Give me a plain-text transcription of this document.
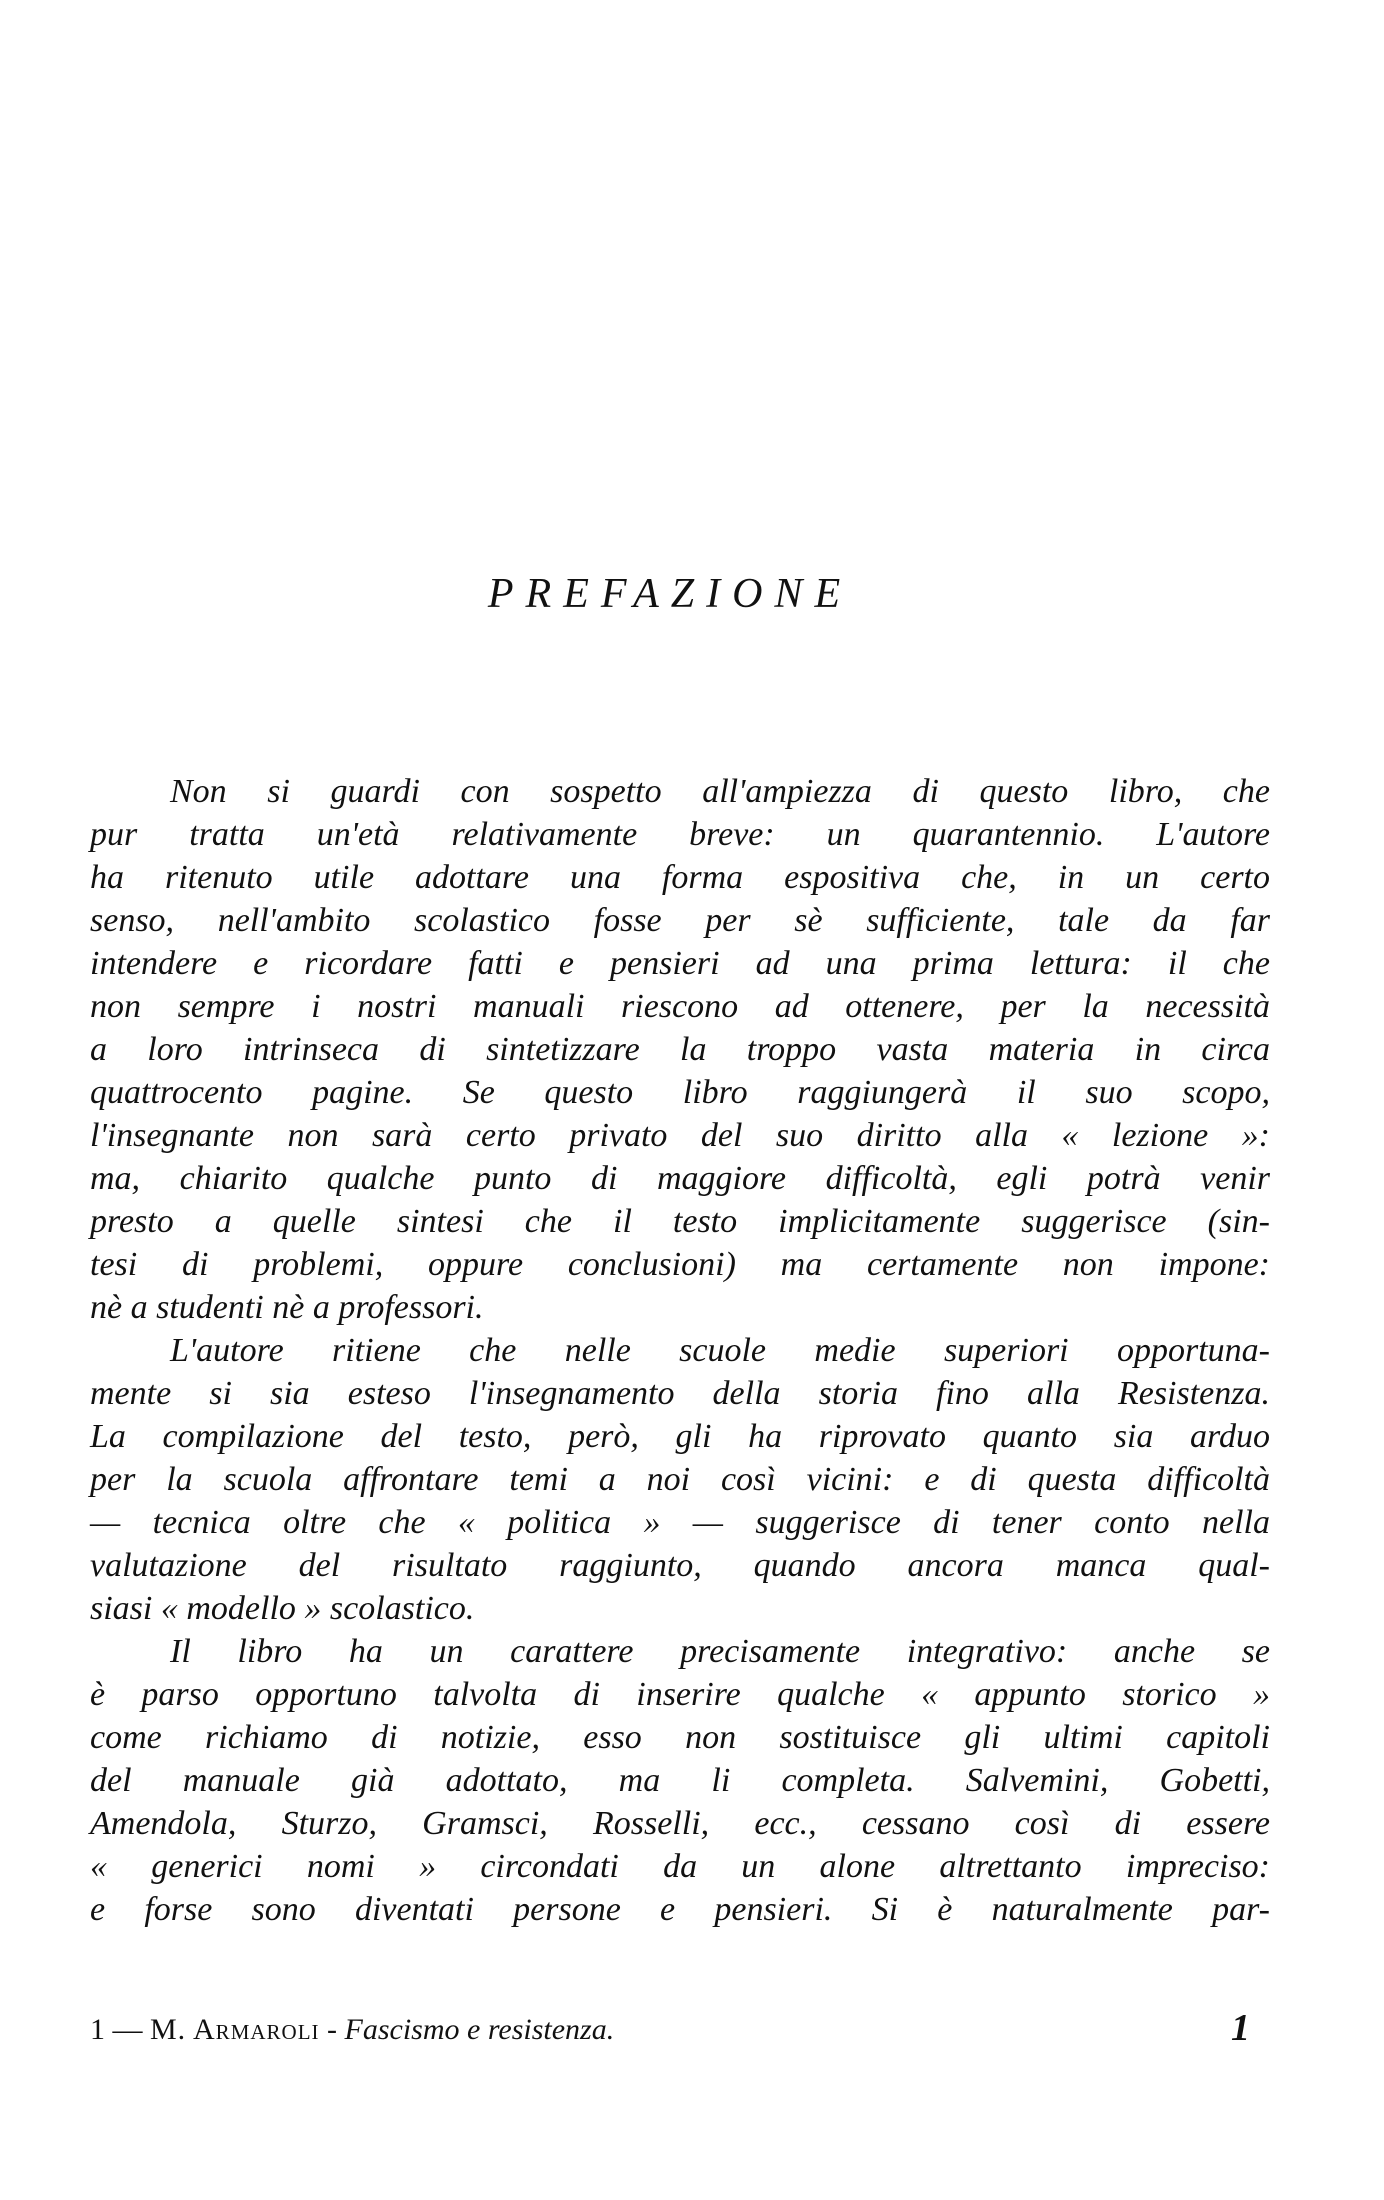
PREFAZIONE
Non si guardi con sospetto all'ampiezza di questo libro, che
pur tratta un'età relativamente breve: un quarantennio. L'autore
ha ritenuto utile adottare una forma espositiva che, in un certo
senso, nell'ambito scolastico fosse per sè sufficiente, tale da far
intendere e ricordare fatti e pensieri ad una prima lettura: il che
non sempre i nostri manuali riescono ad ottenere, per la necessità
a loro intrinseca di sintetizzare la troppo vasta materia in circa
quattrocento pagine. Se questo libro raggiungerà il suo scopo,
l'insegnante non sarà certo privato del suo diritto alla « lezione »:
ma, chiarito qualche punto di maggiore difficoltà, egli potrà venir
presto a quelle sintesi che il testo implicitamente suggerisce (sin-
tesi di problemi, oppure conclusioni) ma certamente non impone:
nè a studenti nè a professori.
L'autore ritiene che nelle scuole medie superiori opportuna-
mente si sia esteso l'insegnamento della storia fino alla Resistenza.
La compilazione del testo, però, gli ha riprovato quanto sia arduo
per la scuola affrontare temi a noi così vicini: e di questa difficoltà
— tecnica oltre che « politica » — suggerisce di tener conto nella
valutazione del risultato raggiunto, quando ancora manca qual-
siasi « modello » scolastico.
Il libro ha un carattere precisamente integrativo: anche se
è parso opportuno talvolta di inserire qualche « appunto storico »
come richiamo di notizie, esso non sostituisce gli ultimi capitoli
del manuale già adottato, ma li completa. Salvemini, Gobetti,
Amendola, Sturzo, Gramsci, Rosselli, ecc., cessano così di essere
« generici nomi » circondati da un alone altrettanto impreciso:
e forse sono diventati persone e pensieri. Si è naturalmente par-
1 — M. Armaroli - Fascismo e resistenza.	1
